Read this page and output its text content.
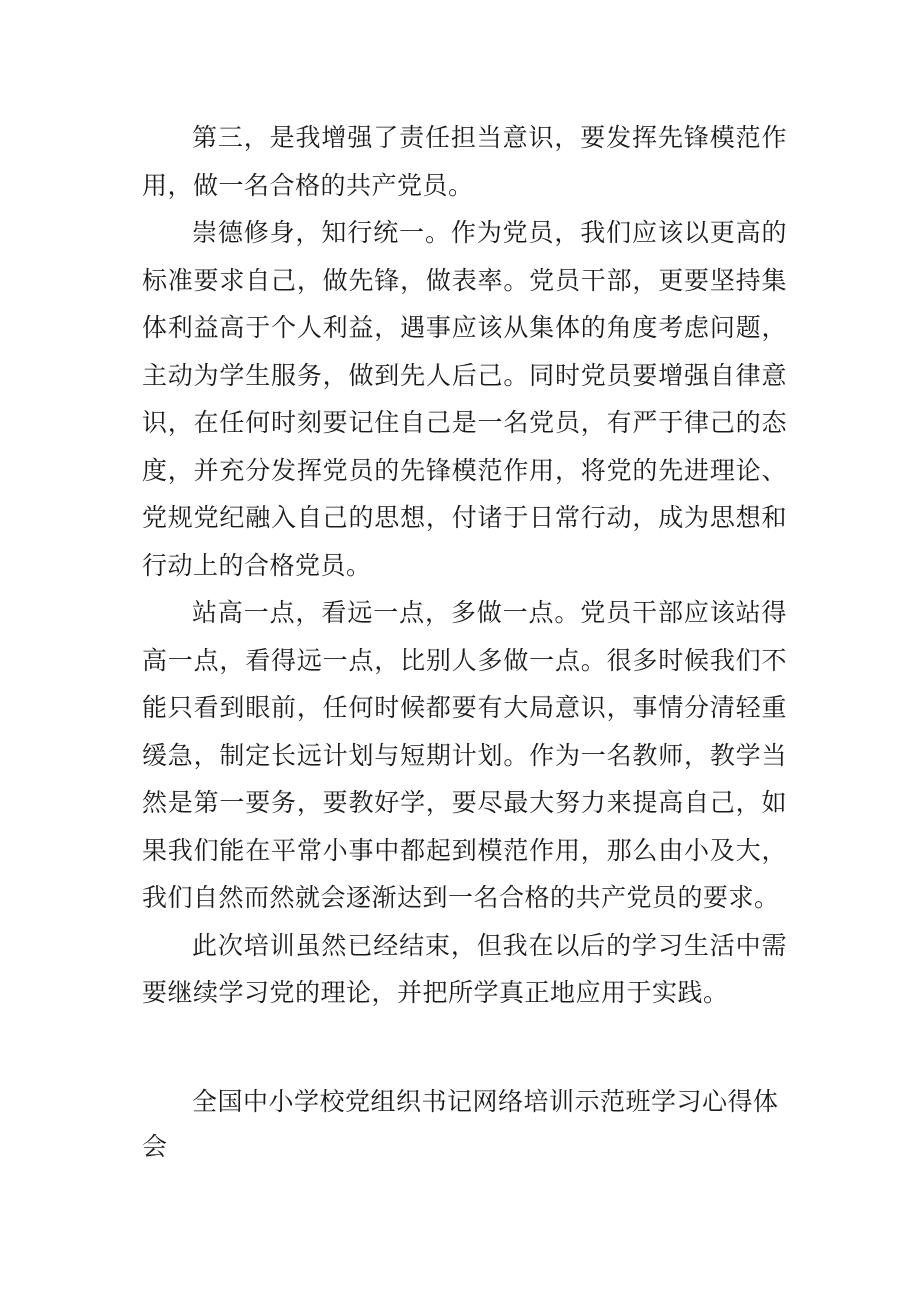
第三，是我增强了责任担当意识，要发挥先锋模范作用，做一名合格的共产党员。

崇德修身，知行统一。作为党员，我们应该以更高的标准要求自己，做先锋，做表率。党员干部，更要坚持集体利益高于个人利益，遇事应该从集体的角度考虑问题，主动为学生服务，做到先人后己。同时党员要增强自律意识，在任何时刻要记住自己是一名党员，有严于律己的态度，并充分发挥党员的先锋模范作用，将党的先进理论、党规党纪融入自己的思想，付诸于日常行动，成为思想和行动上的合格党员。

站高一点，看远一点，多做一点。党员干部应该站得高一点，看得远一点，比别人多做一点。很多时候我们不能只看到眼前，任何时候都要有大局意识，事情分清轻重缓急，制定长远计划与短期计划。作为一名教师，教学当然是第一要务，要教好学，要尽最大努力来提高自己，如果我们能在平常小事中都起到模范作用，那么由小及大，我们自然而然就会逐渐达到一名合格的共产党员的要求。

此次培训虽然已经结束，但我在以后的学习生活中需要继续学习党的理论，并把所学真正地应用于实践。

全国中小学校党组织书记网络培训示范班学习心得体会
